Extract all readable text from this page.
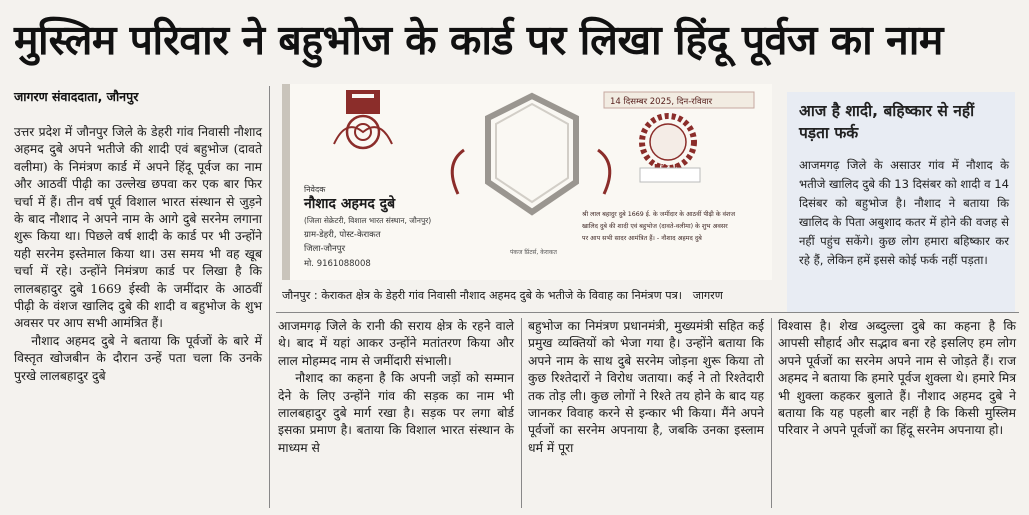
मुस्लिम परिवार ने बहुभोज के कार्ड पर लिखा हिंदू पूर्वज का नाम
जागरण संवाददाता, जौनपुर

उत्तर प्रदेश में जौनपुर जिले के डेहरी गांव निवासी नौशाद अहमद दुबे अपने भतीजे की शादी एवं बहुभोज (दावते वलीमा) के निमंत्रण कार्ड में अपने हिंदू पूर्वज का नाम और आठवीं पीढ़ी का उल्लेख छपवा कर एक बार फिर चर्चा में हैं। तीन वर्ष पूर्व विशाल भारत संस्थान से जुड़ने के बाद नौशाद ने अपने नाम के आगे दुबे सरनेम लगाना शुरू किया था। पिछले वर्ष शादी के कार्ड पर भी उन्होंने यही सरनेम इस्तेमाल किया था। उस समय भी वह खूब चर्चा में रहे। उन्होंने निमंत्रण कार्ड पर लिखा है कि लालबहादुर दुबे 1669 ईस्वी के जमींदार के आठवीं पीढ़ी के वंशज खालिद दुबे की शादी व बहुभोज के शुभ अवसर पर आप सभी आमंत्रित हैं।

नौशाद अहमद दुबे ने बताया कि पूर्वजों के बारे में विस्तृत खोजबीन के दौरान उन्हें पता चला कि उनके पुरखे लालबहादुर दुबे

14 दिसम्बर 2025, दिन-रविवार
निवेदक
नौशाद अहमद दुबे
(जिला सेक्रेटरी, विशाल भारत संस्थान, जौनपुर)
ग्राम-डेहरी, पोस्ट-केराकत
जिला-जौनपुर
मो. 9161088008
श्री लाल बहादुर दुबे 1669 ई. के जमींदार के आठवीं पीढ़ी के वंशज
खालिद दुबे की शादी एवं बहुभोज (दावते-वलीमा) के शुभ अवसर
पर आप सभी सादर आमंत्रित हैं। - नौशाद अहमद दुबे
पंकज प्रिंटर्स, केराकत
जौनपुर : केराकत क्षेत्र के डेहरी गांव निवासी नौशाद अहमद दुबे के भतीजे के विवाह का निमंत्रण पत्र। जागरण
आज है शादी, बहिष्कार से नहीं पड़ता फर्क
आजमगढ़ जिले के असाउर गांव में नौशाद के भतीजे खालिद दुबे की 13 दिसंबर को शादी व 14 दिसंबर को बहुभोज है। नौशाद ने बताया कि खालिद के पिता अबुशाद कतर में होने की वजह से नहीं पहुंच सकेंगे। कुछ लोग हमारा बहिष्कार कर रहे हैं, लेकिन हमें इससे कोई फर्क नहीं पड़ता।

आजमगढ़ जिले के रानी की सराय क्षेत्र के रहने वाले थे। बाद में यहां आकर उन्होंने मतांतरण किया और लाल मोहम्मद नाम से जमींदारी संभाली।

नौशाद का कहना है कि अपनी जड़ों को सम्मान देने के लिए उन्होंने गांव की सड़क का नाम भी लालबहादुर दुबे मार्ग रखा है। सड़क पर लगा बोर्ड इसका प्रमाण है। बताया कि विशाल भारत संस्थान के माध्यम से

बहुभोज का निमंत्रण प्रधानमंत्री, मुख्यमंत्री सहित कई प्रमुख व्यक्तियों को भेजा गया है। उन्होंने बताया कि अपने नाम के साथ दुबे सरनेम जोड़ना शुरू किया तो कुछ रिश्तेदारों ने विरोध जताया। कई ने तो रिश्तेदारी तक तोड़ ली। कुछ लोगों ने रिश्ते तय होने के बाद यह जानकर विवाह करने से इन्कार भी किया। मैंने अपने पूर्वजों का सरनेम अपनाया है, जबकि उनका इस्लाम धर्म में पूरा

विश्वास है। शेख अब्दुल्ला दुबे का कहना है कि आपसी सौहार्द और सद्भाव बना रहे इसलिए हम लोग अपने पूर्वजों का सरनेम अपने नाम से जोड़ते हैं। राज अहमद ने बताया कि हमारे पूर्वज शुक्ला थे। हमारे मित्र भी शुक्ला कहकर बुलाते हैं। नौशाद अहमद दुबे ने बताया कि यह पहली बार नहीं है कि किसी मुस्लिम परिवार ने अपने पूर्वजों का हिंदू सरनेम अपनाया हो।
